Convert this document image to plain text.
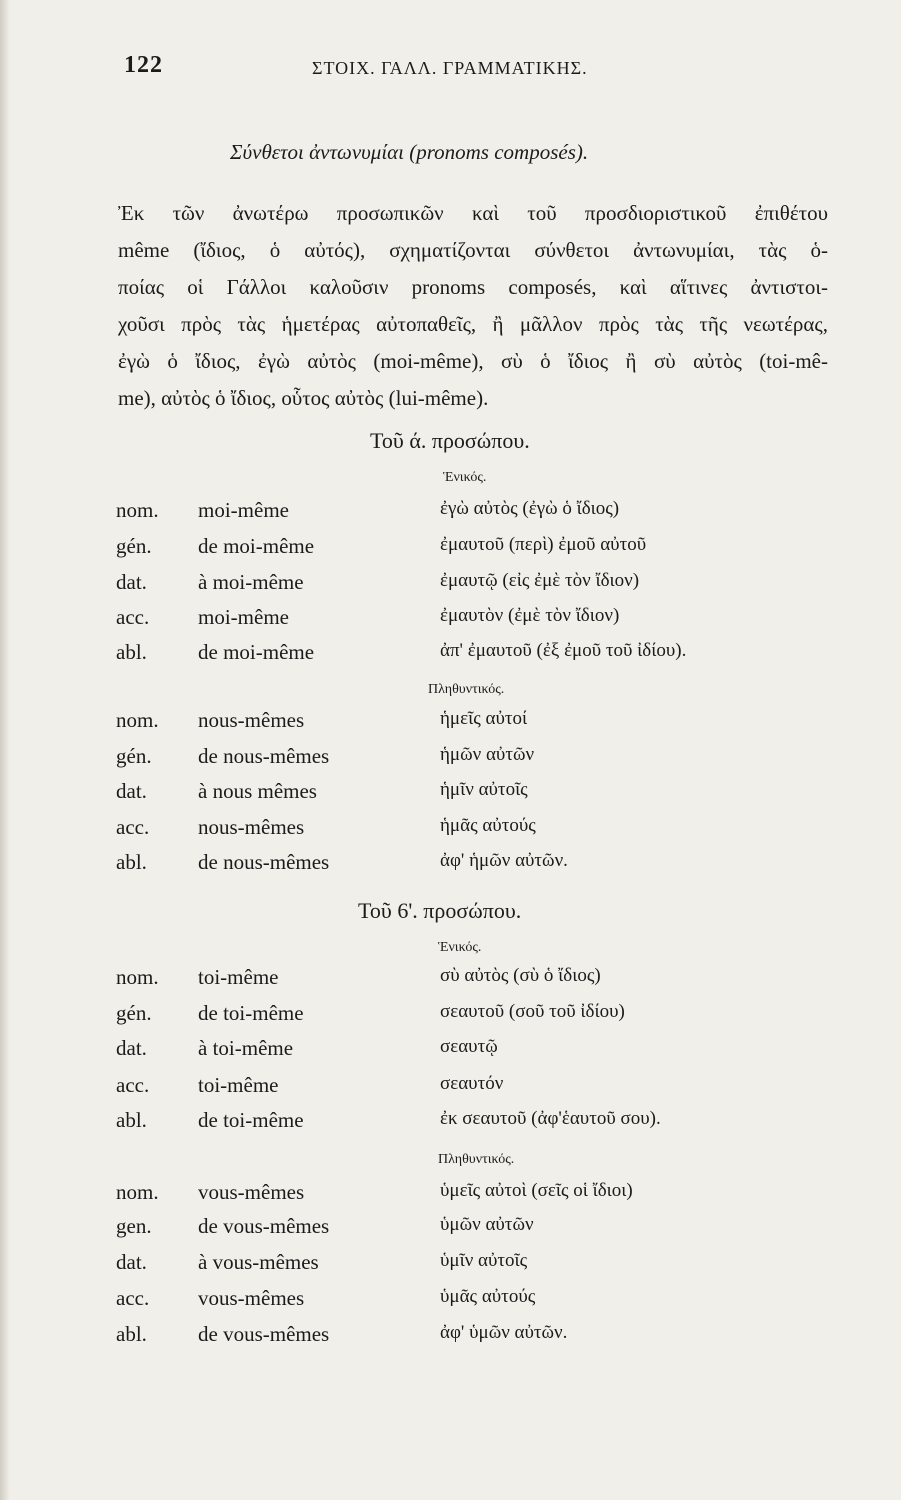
122	ΣΤΟΙΧ. ΓΑΛΛ. ΓΡΑΜΜΑΤΙΚΗΣ.
Σύνθετοι ἀντωνυμίαι (pronoms composés).
Ἐκ τῶν ἀνωτέρω προσωπικῶν καὶ τοῦ προσδιοριστικοῦ ἐπιθέτου
même (ἴδιος, ὁ αὐτός), σχηματίζονται σύνθετοι ἀντωνυμίαι, τὰς ὁ-
ποίας οἱ Γάλλοι καλοῦσιν pronoms composés, καὶ αἵτινες ἀντιστοι-
χοῦσι πρὸς τὰς ἡμετέρας αὐτοπαθεῖς, ἢ μᾶλλον πρὸς τὰς τῆς νεωτέρας,
ἐγὼ ὁ ἴδιος, ἐγὼ αὐτὸς (moi-même), σὺ ὁ ἴδιος ἢ σὺ αὐτὸς (toi-mê-
me), αὐτὸς ὁ ἴδιος, οὗτος αὐτὸς (lui-même).
Τοῦ ά. προσώπου.
Ἑνικός.
nom. moi-même	ἐγὼ αὐτὸς (ἐγὼ ὁ ἴδιος)
gén. de moi-même	ἐμαυτοῦ (περὶ) ἐμοῦ αὐτοῦ
dat. à moi-même	ἐμαυτῷ (εἰς ἐμὲ τὸν ἴδιον)
acc. moi-même	ἐμαυτὸν (ἐμὲ τὸν ἴδιον)
abl. de moi-même	ἀπ' ἐμαυτοῦ (ἐξ ἐμοῦ τοῦ ἰδίου).
Πληθυντικός.
nom. nous-mêmes	ἡμεῖς αὐτοί
gén. de nous-mêmes	ἡμῶν αὐτῶν
dat. à nous mêmes	ἡμῖν αὐτοῖς
acc. nous-mêmes	ἡμᾶς αὐτούς
abl. de nous-mêmes	ἀφ' ἡμῶν αὐτῶν.
Τοῦ 6'. προσώπου.
Ἑνικός.
nom. toi-même	σὺ αὐτὸς (σὺ ὁ ἴδιος)
gén. de toi-même	σεαυτοῦ (σοῦ τοῦ ἰδίου)
dat. à toi-même	σεαυτῷ
acc. toi-même	σεαυτόν
abl. de toi-même	ἐκ σεαυτοῦ (ἀφ'ἑαυτοῦ σου).
Πληθυντικός.
nom. vous-mêmes	ὑμεῖς αὐτοὶ (σεῖς οἱ ἴδιοι)
gen. de vous-mêmes	ὑμῶν αὐτῶν
dat. à vous-mêmes	ὑμῖν αὐτοῖς
acc. vous-mêmes	ὑμᾶς αὐτούς
abl. de vous-mêmes	ἀφ' ὑμῶν αὐτῶν.
